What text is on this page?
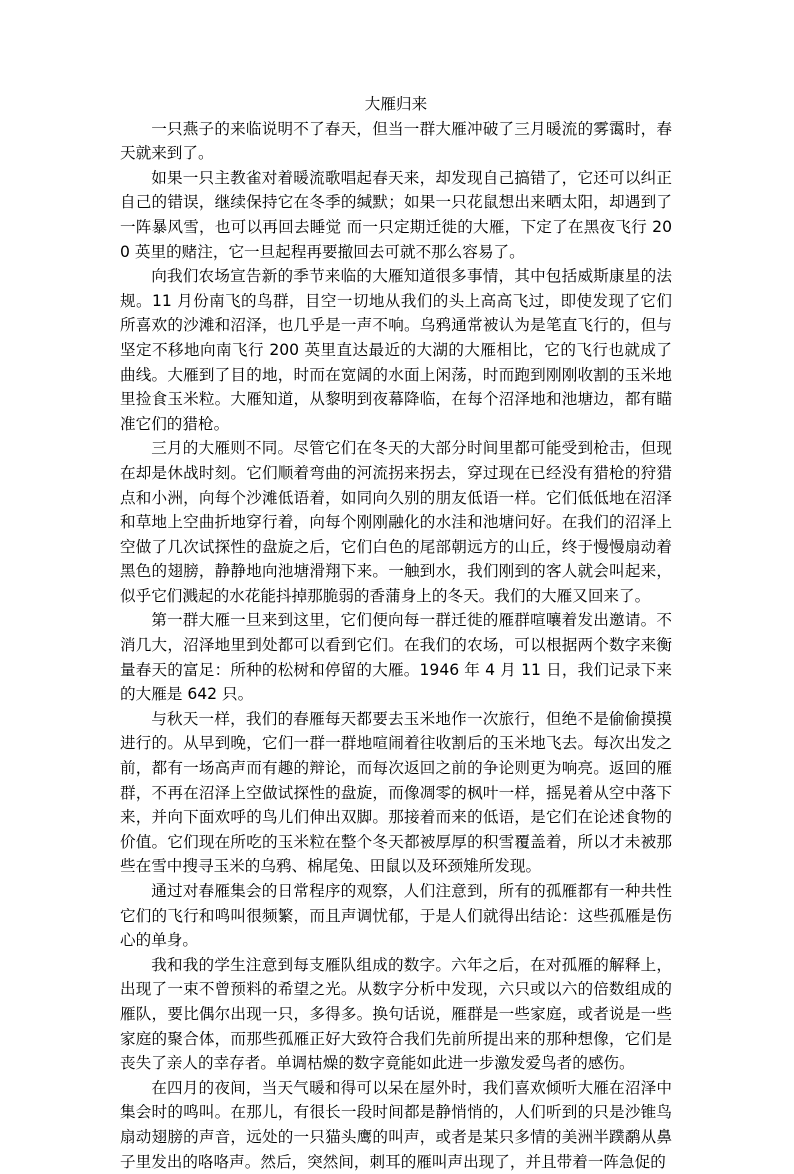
大雁归来

一只燕子的来临说明不了春天，但当一群大雁冲破了三月暖流的雾霭时，春天就来到了。

如果一只主教雀对着暖流歌唱起春天来，却发现自己搞错了，它还可以纠正自己的错误，继续保持它在冬季的缄默；如果一只花鼠想出来晒太阳，却遇到了一阵暴风雪，也可以再回去睡觉 而一只定期迁徙的大雁，下定了在黑夜飞行 200 英里的赌注，它一旦起程再要撤回去可就不那么容易了。

向我们农场宣告新的季节来临的大雁知道很多事情，其中包括威斯康星的法规。11 月份南飞的鸟群，目空一切地从我们的头上高高飞过，即使发现了它们所喜欢的沙滩和沼泽，也几乎是一声不响。乌鸦通常被认为是笔直飞行的，但与坚定不移地向南飞行 200 英里直达最近的大湖的大雁相比，它的飞行也就成了曲线。大雁到了目的地，时而在宽阔的水面上闲荡，时而跑到刚刚收割的玉米地里捡食玉米粒。大雁知道，从黎明到夜幕降临，在每个沼泽地和池塘边，都有瞄准它们的猎枪。

三月的大雁则不同。尽管它们在冬天的大部分时间里都可能受到枪击，但现在却是休战时刻。它们顺着弯曲的河流拐来拐去，穿过现在已经没有猎枪的狩猎点和小洲，向每个沙滩低语着，如同向久别的朋友低语一样。它们低低地在沼泽和草地上空曲折地穿行着，向每个刚刚融化的水洼和池塘问好。在我们的沼泽上空做了几次试探性的盘旋之后，它们白色的尾部朝远方的山丘，终于慢慢扇动着黑色的翅膀，静静地向池塘滑翔下来。一触到水，我们刚到的客人就会叫起来，似乎它们溅起的水花能抖掉那脆弱的香蒲身上的冬天。我们的大雁又回来了。

第一群大雁一旦来到这里，它们便向每一群迁徙的雁群喧嚷着发出邀请。不消几大，沼泽地里到处都可以看到它们。在我们的农场，可以根据两个数字来衡量春天的富足：所种的松树和停留的大雁。1946 年 4 月 11 日，我们记录下来的大雁是 642 只。

与秋天一样，我们的春雁每天都要去玉米地作一次旅行，但绝不是偷偷摸摸进行的。从早到晚，它们一群一群地喧闹着往收割后的玉米地飞去。每次出发之前，都有一场高声而有趣的辩论，而每次返回之前的争论则更为响亮。返回的雁群，不再在沼泽上空做试探性的盘旋，而像凋零的枫叶一样，摇晃着从空中落下来，并向下面欢呼的鸟儿们伸出双脚。那接着而来的低语，是它们在论述食物的价值。它们现在所吃的玉米粒在整个冬天都被厚厚的积雪覆盖着，所以才未被那些在雪中搜寻玉米的乌鸦、棉尾兔、田鼠以及环颈雉所发现。

通过对春雁集会的日常程序的观察，人们注意到，所有的孤雁都有一种共性 它们的飞行和鸣叫很频繁，而且声调忧郁，于是人们就得出结论：这些孤雁是伤心的单身。

我和我的学生注意到每支雁队组成的数字。六年之后，在对孤雁的解释上，出现了一束不曾预料的希望之光。从数字分析中发现，六只或以六的倍数组成的雁队，要比偶尔出现一只，多得多。换句话说，雁群是一些家庭，或者说是一些家庭的聚合体，而那些孤雁正好大致符合我们先前所提出来的那种想像，它们是丧失了亲人的幸存者。单调枯燥的数字竟能如此进一步激发爱鸟者的感伤。

在四月的夜间，当天气暖和得可以呆在屋外时，我们喜欢倾听大雁在沼泽中集会时的鸣叫。在那儿，有很长一段时间都是静悄悄的，人们听到的只是沙锥鸟扇动翅膀的声音，远处的一只猫头鹰的叫声，或者是某只多情的美洲半蹼鹬从鼻子里发出的咯咯声。然后，突然间，刺耳的雁叫声出现了，并且带着一阵急促的
